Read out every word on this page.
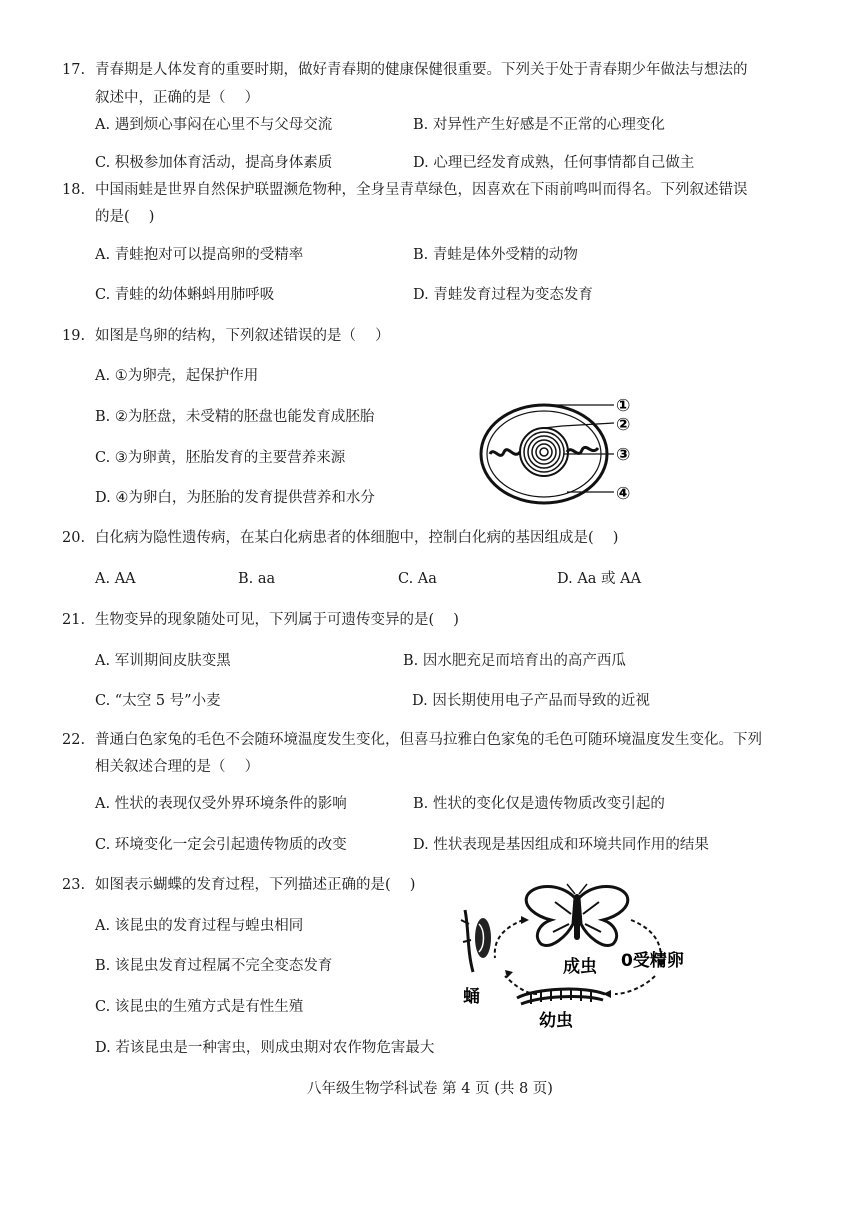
17. 青春期是人体发育的重要时期，做好青春期的健康保健很重要。下列关于处于青春期少年做法与想法的
叙述中，正确的是（　 ）
A. 遇到烦心事闷在心里不与父母交流	B. 对异性产生好感是不正常的心理变化
C. 积极参加体育活动，提高身体素质	D. 心理已经发育成熟，任何事情都自己做主
18. 中国雨蛙是世界自然保护联盟濒危物种，全身呈青草绿色，因喜欢在下雨前鸣叫而得名。下列叙述错误
的是(　 )
A. 青蛙抱对可以提高卵的受精率	B. 青蛙是体外受精的动物
C. 青蛙的幼体蝌蚪用肺呼吸	D. 青蛙发育过程为变态发育
19. 如图是鸟卵的结构，下列叙述错误的是（　 ）
A. ①为卵壳，起保护作用
B. ②为胚盘，未受精的胚盘也能发育成胚胎
C. ③为卵黄，胚胎发育的主要营养来源
D. ④为卵白，为胚胎的发育提供营养和水分
①
②
③
④
20. 白化病为隐性遗传病，在某白化病患者的体细胞中，控制白化病的基因组成是(　 )
A. AA	B. aa	C. Aa	D. Aa 或 AA
21. 生物变异的现象随处可见，下列属于可遗传变异的是(　 )
A. 军训期间皮肤变黑	B. 因水肥充足而培育出的高产西瓜
C. “太空 5 号”小麦	D. 因长期使用电子产品而导致的近视
22. 普通白色家兔的毛色不会随环境温度发生变化，但喜马拉雅白色家兔的毛色可随环境温度发生变化。下列
相关叙述合理的是（　 ）
A. 性状的表现仅受外界环境条件的影响	B. 性状的变化仅是遗传物质改变引起的
C. 环境变化一定会引起遗传物质的改变	D. 性状表现是基因组成和环境共同作用的结果
23. 如图表示蝴蝶的发育过程，下列描述正确的是(　 )
A. 该昆虫的发育过程与蝗虫相同
B. 该昆虫发育过程属不完全变态发育
C. 该昆虫的生殖方式是有性生殖
D. 若该昆虫是一种害虫，则成虫期对农作物危害最大
成虫 0受精卵
蛹
幼虫
八年级生物学科试卷 第 4 页 (共 8 页)
